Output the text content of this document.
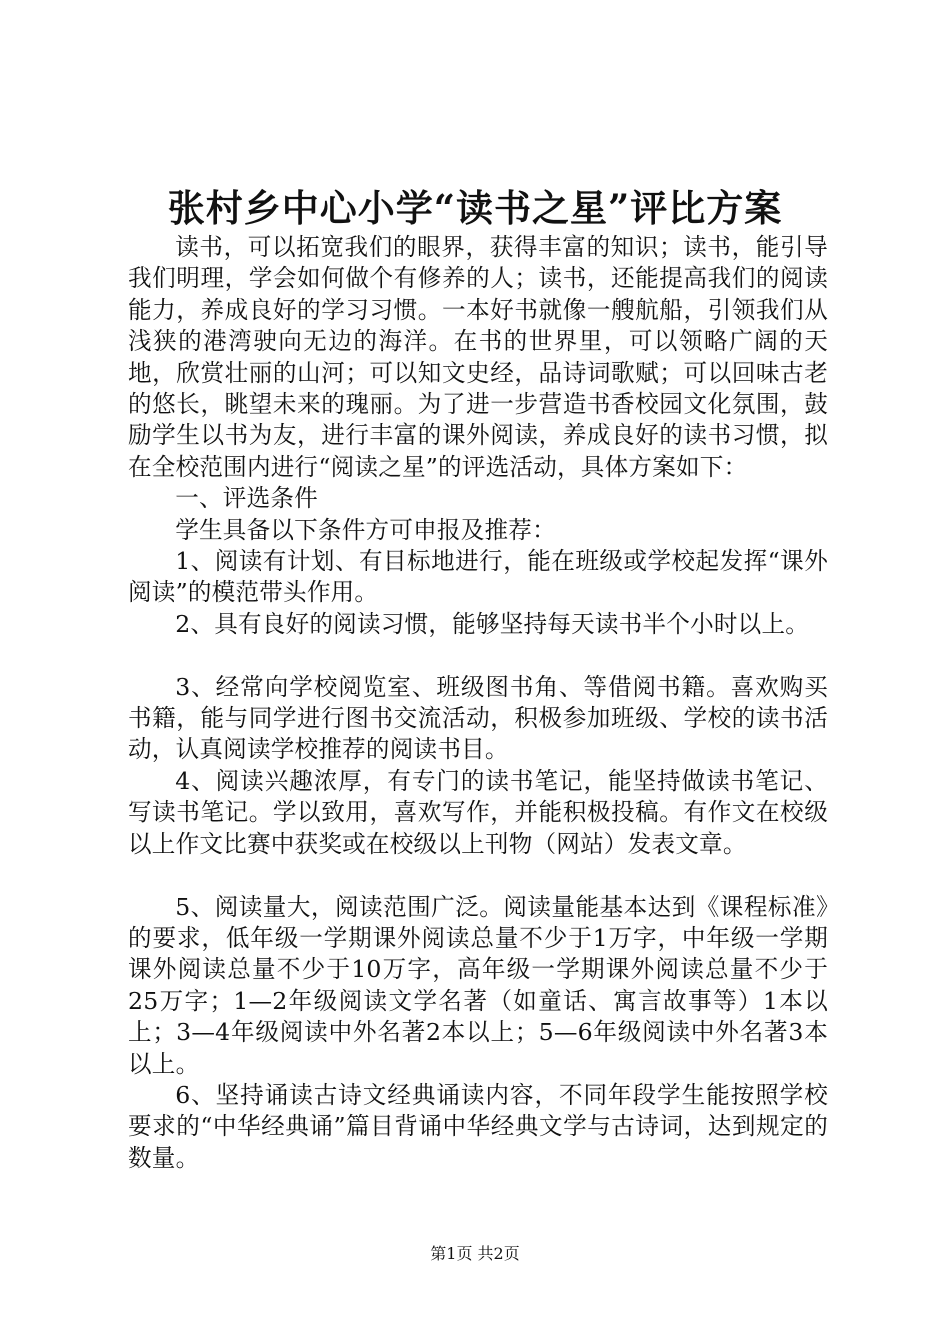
张村乡中心小学“读书之星”评比方案

读书，可以拓宽我们的眼界，获得丰富的知识；读书，能引导我们明理，学会如何做个有修养的人；读书，还能提高我们的阅读能力，养成良好的学习习惯。一本好书就像一艘航船，引领我们从浅狭的港湾驶向无边的海洋。在书的世界里，可以领略广阔的天地，欣赏壮丽的山河；可以知文史经，品诗词歌赋；可以回味古老的悠长，眺望未来的瑰丽。为了进一步营造书香校园文化氛围，鼓励学生以书为友，进行丰富的课外阅读，养成良好的读书习惯，拟在全校范围内进行“阅读之星”的评选活动，具体方案如下：

一、评选条件

学生具备以下条件方可申报及推荐：

1、阅读有计划、有目标地进行，能在班级或学校起发挥“课外阅读”的模范带头作用。

2、具有良好的阅读习惯，能够坚持每天读书半个小时以上。

3、经常向学校阅览室、班级图书角、等借阅书籍。喜欢购买书籍，能与同学进行图书交流活动，积极参加班级、学校的读书活动，认真阅读学校推荐的阅读书目。

4、阅读兴趣浓厚，有专门的读书笔记，能坚持做读书笔记、写读书笔记。学以致用，喜欢写作，并能积极投稿。有作文在校级以上作文比赛中获奖或在校级以上刊物（网站）发表文章。

5、阅读量大，阅读范围广泛。阅读量能基本达到《课程标准》的要求，低年级一学期课外阅读总量不少于1万字，中年级一学期课外阅读总量不少于10万字，高年级一学期课外阅读总量不少于25万字；1—2年级阅读文学名著（如童话、寓言故事等）1本以上；3—4年级阅读中外名著2本以上；5—6年级阅读中外名著3本以上。

6、坚持诵读古诗文经典诵读内容，不同年段学生能按照学校要求的“中华经典诵”篇目背诵中华经典文学与古诗词，达到规定的数量。

第1页 共2页
